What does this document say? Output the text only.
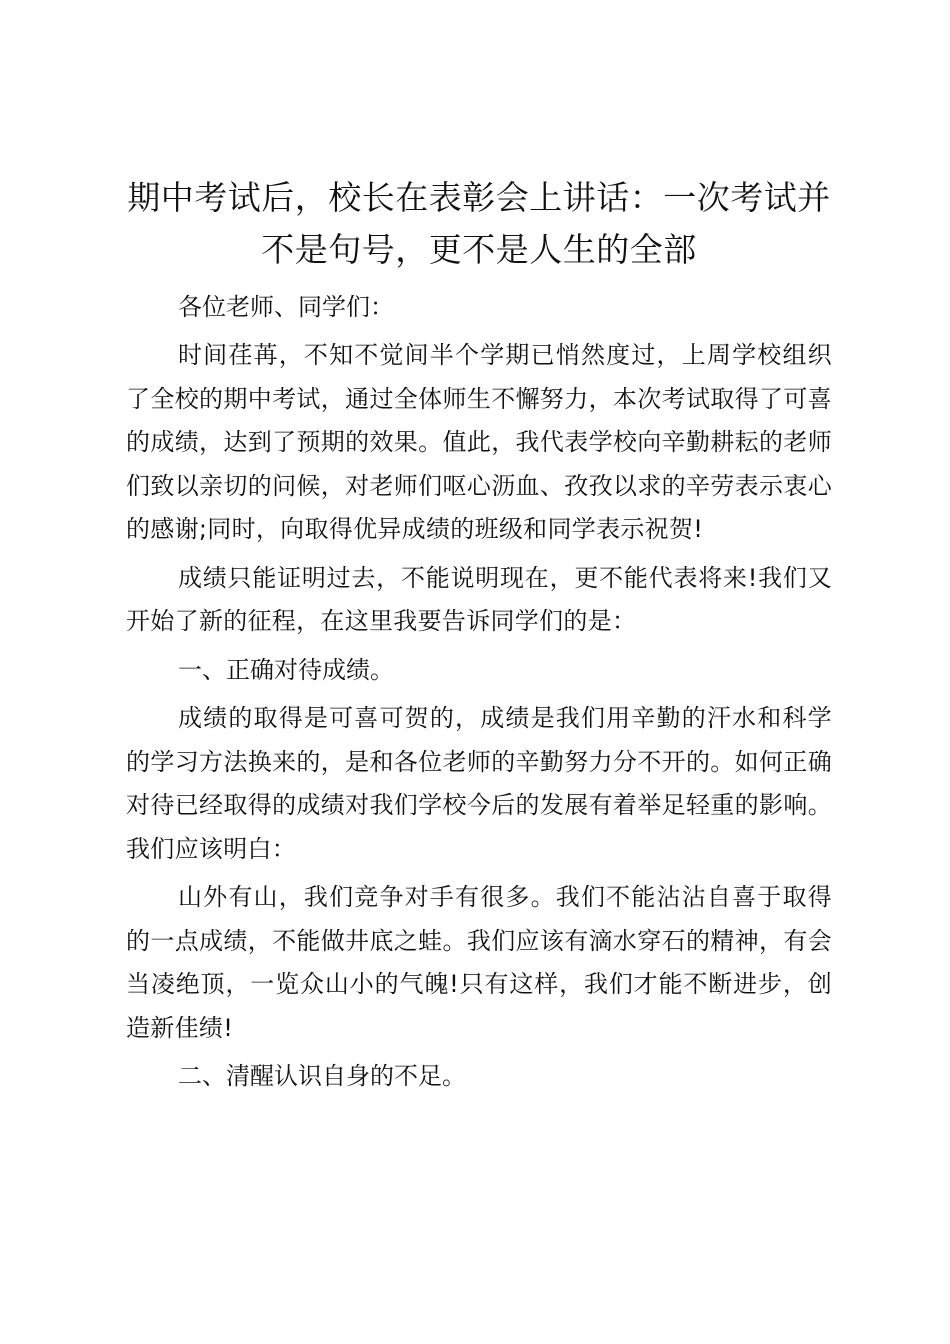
期中考试后，校长在表彰会上讲话：一次考试并不是句号，更不是人生的全部

各位老师、同学们：

时间荏苒，不知不觉间半个学期已悄然度过，上周学校组织了全校的期中考试，通过全体师生不懈努力，本次考试取得了可喜的成绩，达到了预期的效果。值此，我代表学校向辛勤耕耘的老师们致以亲切的问候，对老师们呕心沥血、孜孜以求的辛劳表示衷心的感谢;同时，向取得优异成绩的班级和同学表示祝贺!

成绩只能证明过去，不能说明现在，更不能代表将来!我们又开始了新的征程，在这里我要告诉同学们的是：

一、正确对待成绩。

成绩的取得是可喜可贺的，成绩是我们用辛勤的汗水和科学的学习方法换来的，是和各位老师的辛勤努力分不开的。如何正确对待已经取得的成绩对我们学校今后的发展有着举足轻重的影响。我们应该明白：

山外有山，我们竞争对手有很多。我们不能沾沾自喜于取得的一点成绩，不能做井底之蛙。我们应该有滴水穿石的精神，有会当凌绝顶，一览众山小的气魄!只有这样，我们才能不断进步，创造新佳绩!

二、清醒认识自身的不足。
